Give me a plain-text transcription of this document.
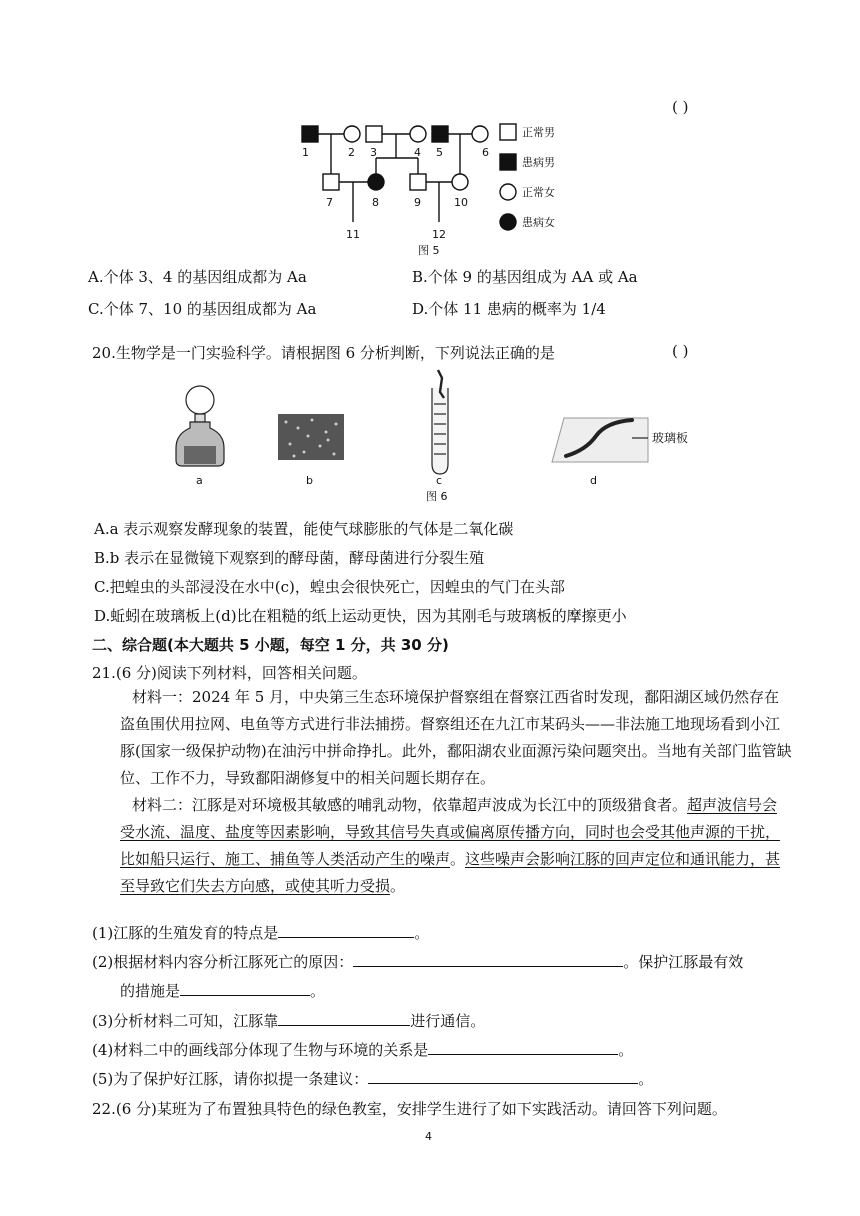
( )
1	2 3	4 5	6
7	8	9	10
11	12
正常男
患病男
正常女
患病女
图 5
A.个体 3、4 的基因组成都为 Aa	B.个体 9 的基因组成为 AA 或 Aa
C.个体 7、10 的基因组成都为 Aa	D.个体 11 患病的概率为 1/4
20.生物学是一门实验科学。请根据图 6 分析判断，下列说法正确的是	( )
a	b	c	d
玻璃板
图 6
A.a 表示观察发酵现象的装置，能使气球膨胀的气体是二氧化碳
B.b 表示在显微镜下观察到的酵母菌，酵母菌进行分裂生殖
C.把蝗虫的头部浸没在水中(c)，蝗虫会很快死亡，因蝗虫的气门在头部
D.蚯蚓在玻璃板上(d)比在粗糙的纸上运动更快，因为其刚毛与玻璃板的摩擦更小
二、综合题(本大题共 5 小题，每空 1 分，共 30 分)
21.(6 分)阅读下列材料，回答相关问题。
材料一：2024 年 5 月，中央第三生态环境保护督察组在督察江西省时发现，鄱阳湖区域仍然存在盗鱼围伏用拉网、电鱼等方式进行非法捕捞。督察组还在九江市某码头——非法施工地现场看到小江豚(国家一级保护动物)在油污中拼命挣扎。此外，鄱阳湖农业面源污染问题突出。当地有关部门监管缺位、工作不力，导致鄱阳湖修复中的相关问题长期存在。
材料二：江豚是对环境极其敏感的哺乳动物，依靠超声波成为长江中的顶级猎食者。超声波信号会受水流、温度、盐度等因素影响，导致其信号失真或偏离原传播方向，同时也会受其他声源的干扰，比如船只运行、施工、捕鱼等人类活动产生的噪声。这些噪声会影响江豚的回声定位和通讯能力，甚至导致它们失去方向感，或使其听力受损。
(1)江豚的生殖发育的特点是	。
(2)根据材料内容分析江豚死亡的原因：	。保护江豚最有效
的措施是	。
(3)分析材料二可知，江豚靠	进行通信。
(4)材料二中的画线部分体现了生物与环境的关系是	。
(5)为了保护好江豚，请你拟提一条建议：	。
22.(6 分)某班为了布置独具特色的绿色教室，安排学生进行了如下实践活动。请回答下列问题。
4
